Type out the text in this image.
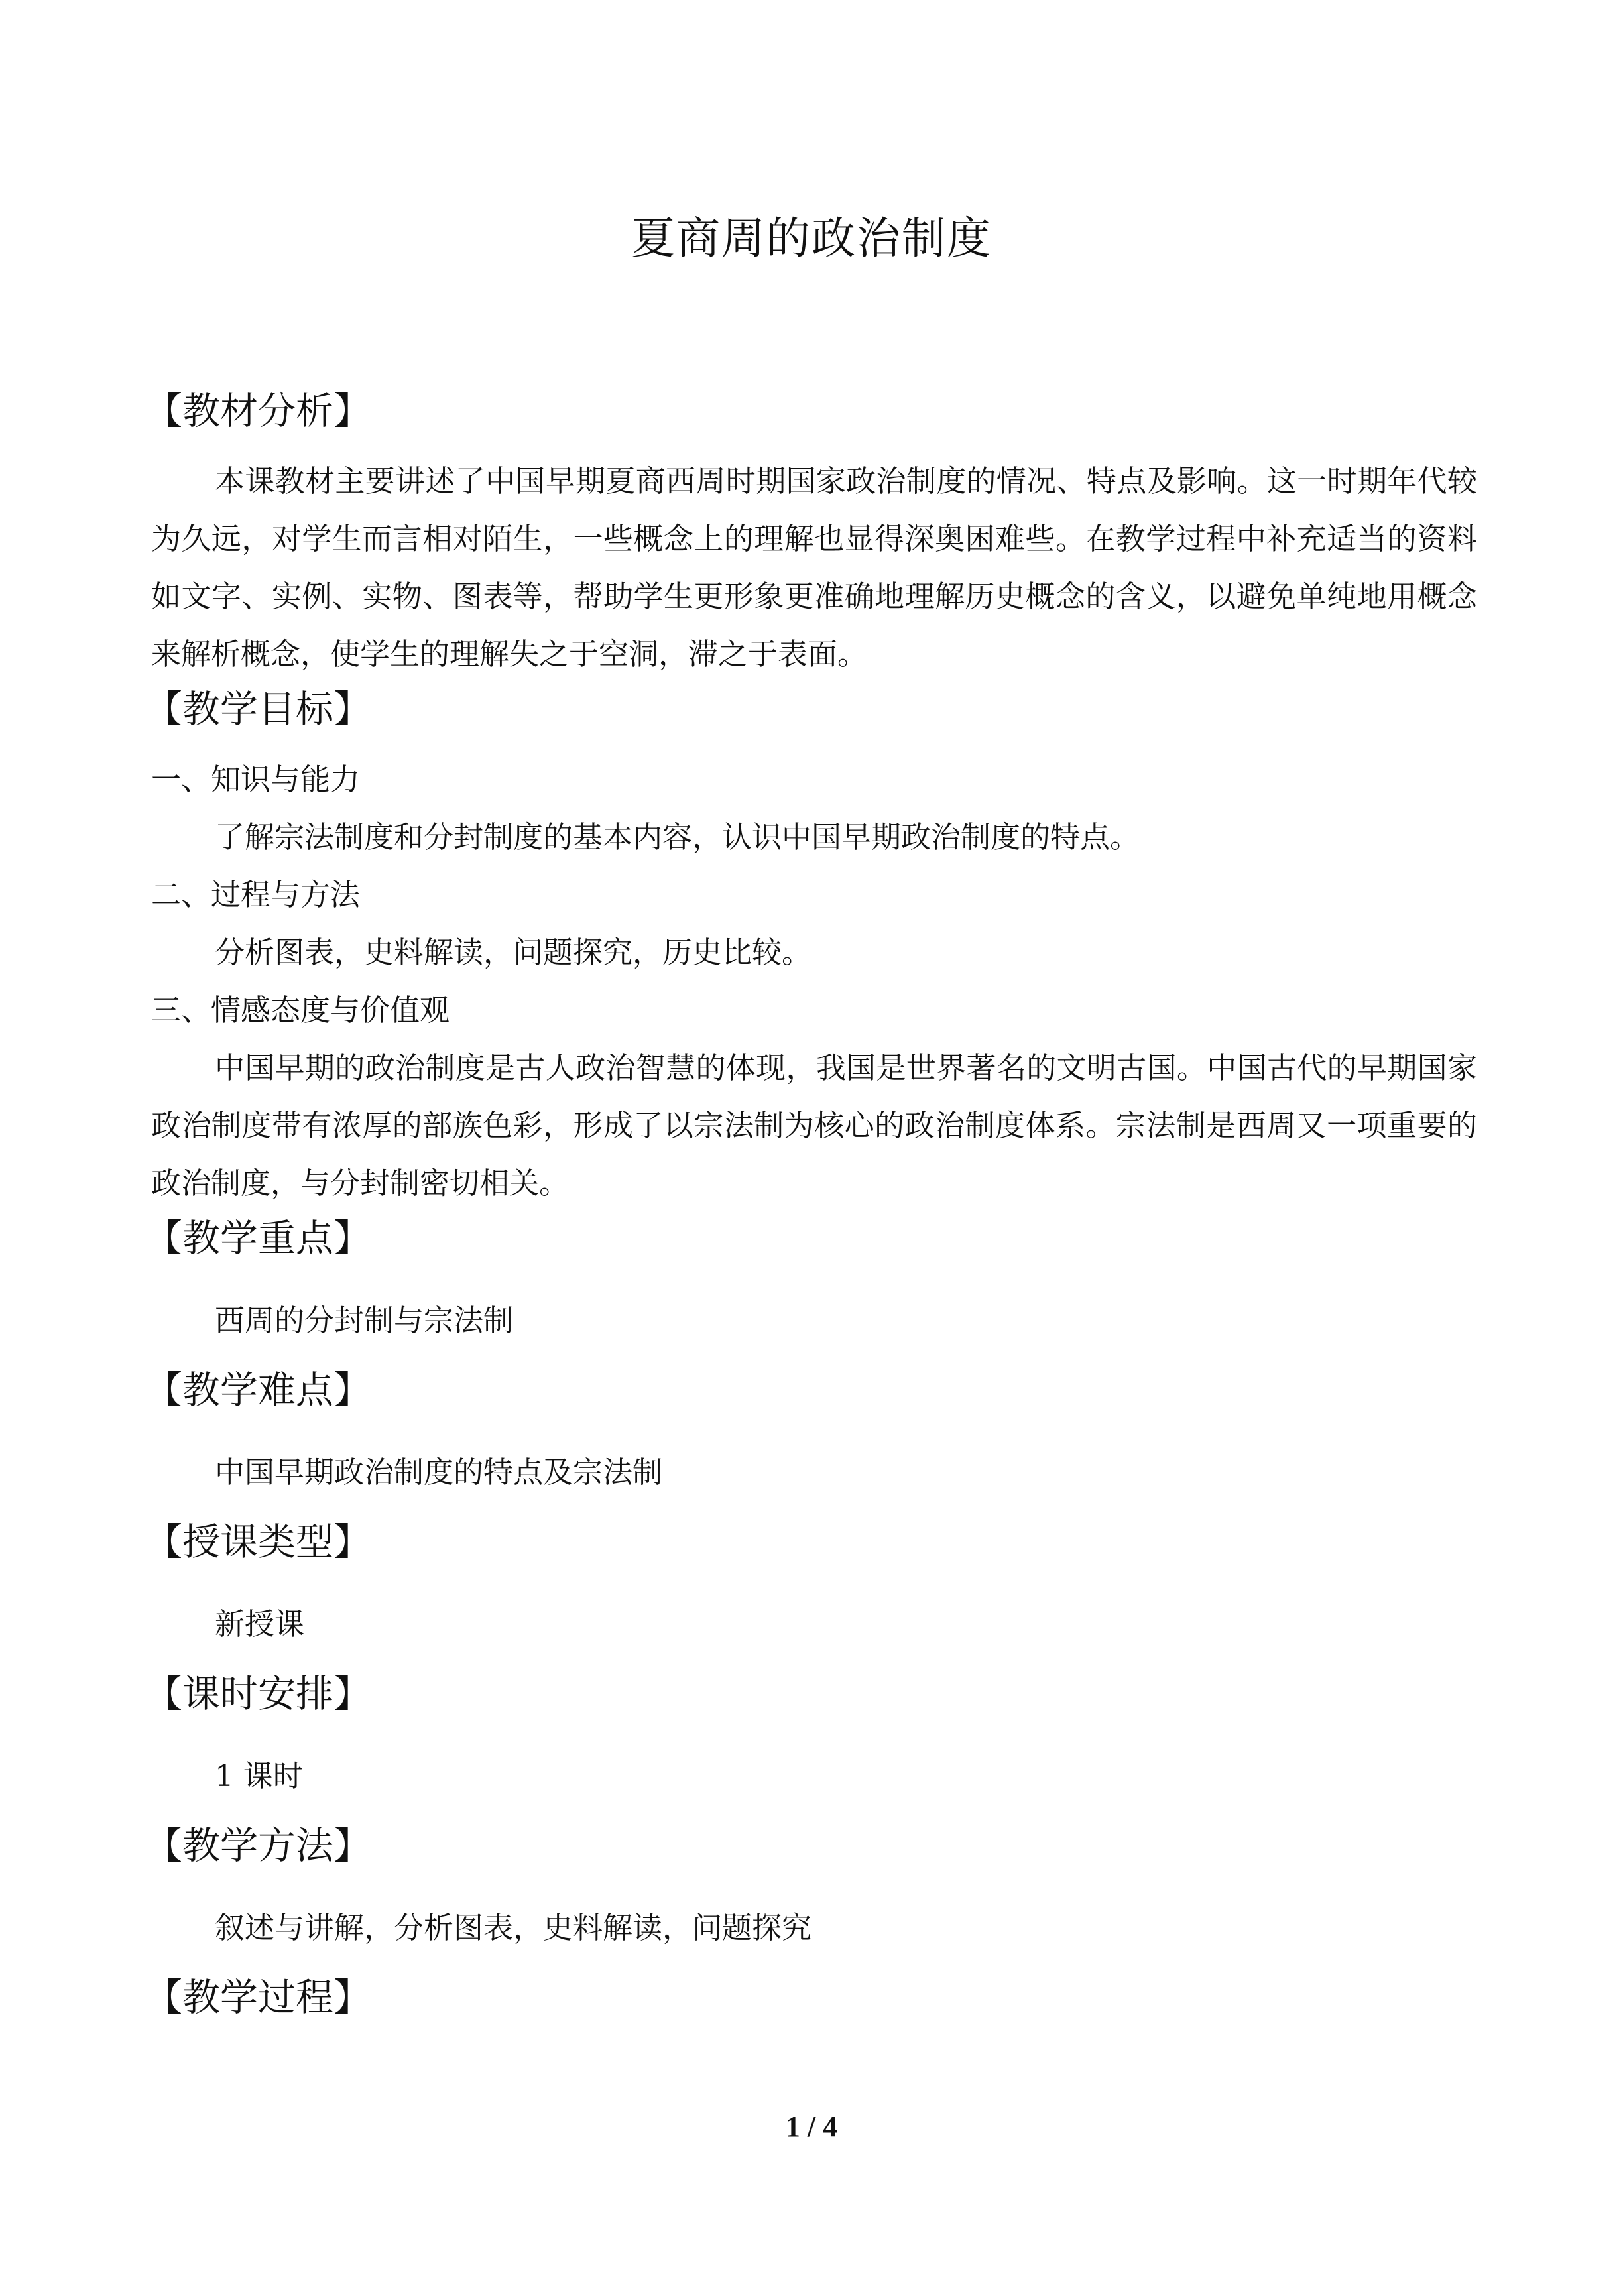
夏商周的政治制度
【教材分析】

本课教材主要讲述了中国早期夏商西周时期国家政治制度的情况、特点及影响。这一时期年代较为久远，对学生而言相对陌生，一些概念上的理解也显得深奥困难些。在教学过程中补充适当的资料如文字、实例、实物、图表等，帮助学生更形象更准确地理解历史概念的含义，以避免单纯地用概念来解析概念，使学生的理解失之于空洞，滞之于表面。

【教学目标】
一、知识与能力
了解宗法制度和分封制度的基本内容，认识中国早期政治制度的特点。
二、过程与方法
分析图表，史料解读，问题探究，历史比较。
三、情感态度与价值观

中国早期的政治制度是古人政治智慧的体现，我国是世界著名的文明古国。中国古代的早期国家政治制度带有浓厚的部族色彩，形成了以宗法制为核心的政治制度体系。宗法制是西周又一项重要的政治制度，与分封制密切相关。

【教学重点】
西周的分封制与宗法制
【教学难点】
中国早期政治制度的特点及宗法制
【授课类型】
新授课
【课时安排】
1 课时
【教学方法】
叙述与讲解，分析图表，史料解读，问题探究
【教学过程】
1 / 4
